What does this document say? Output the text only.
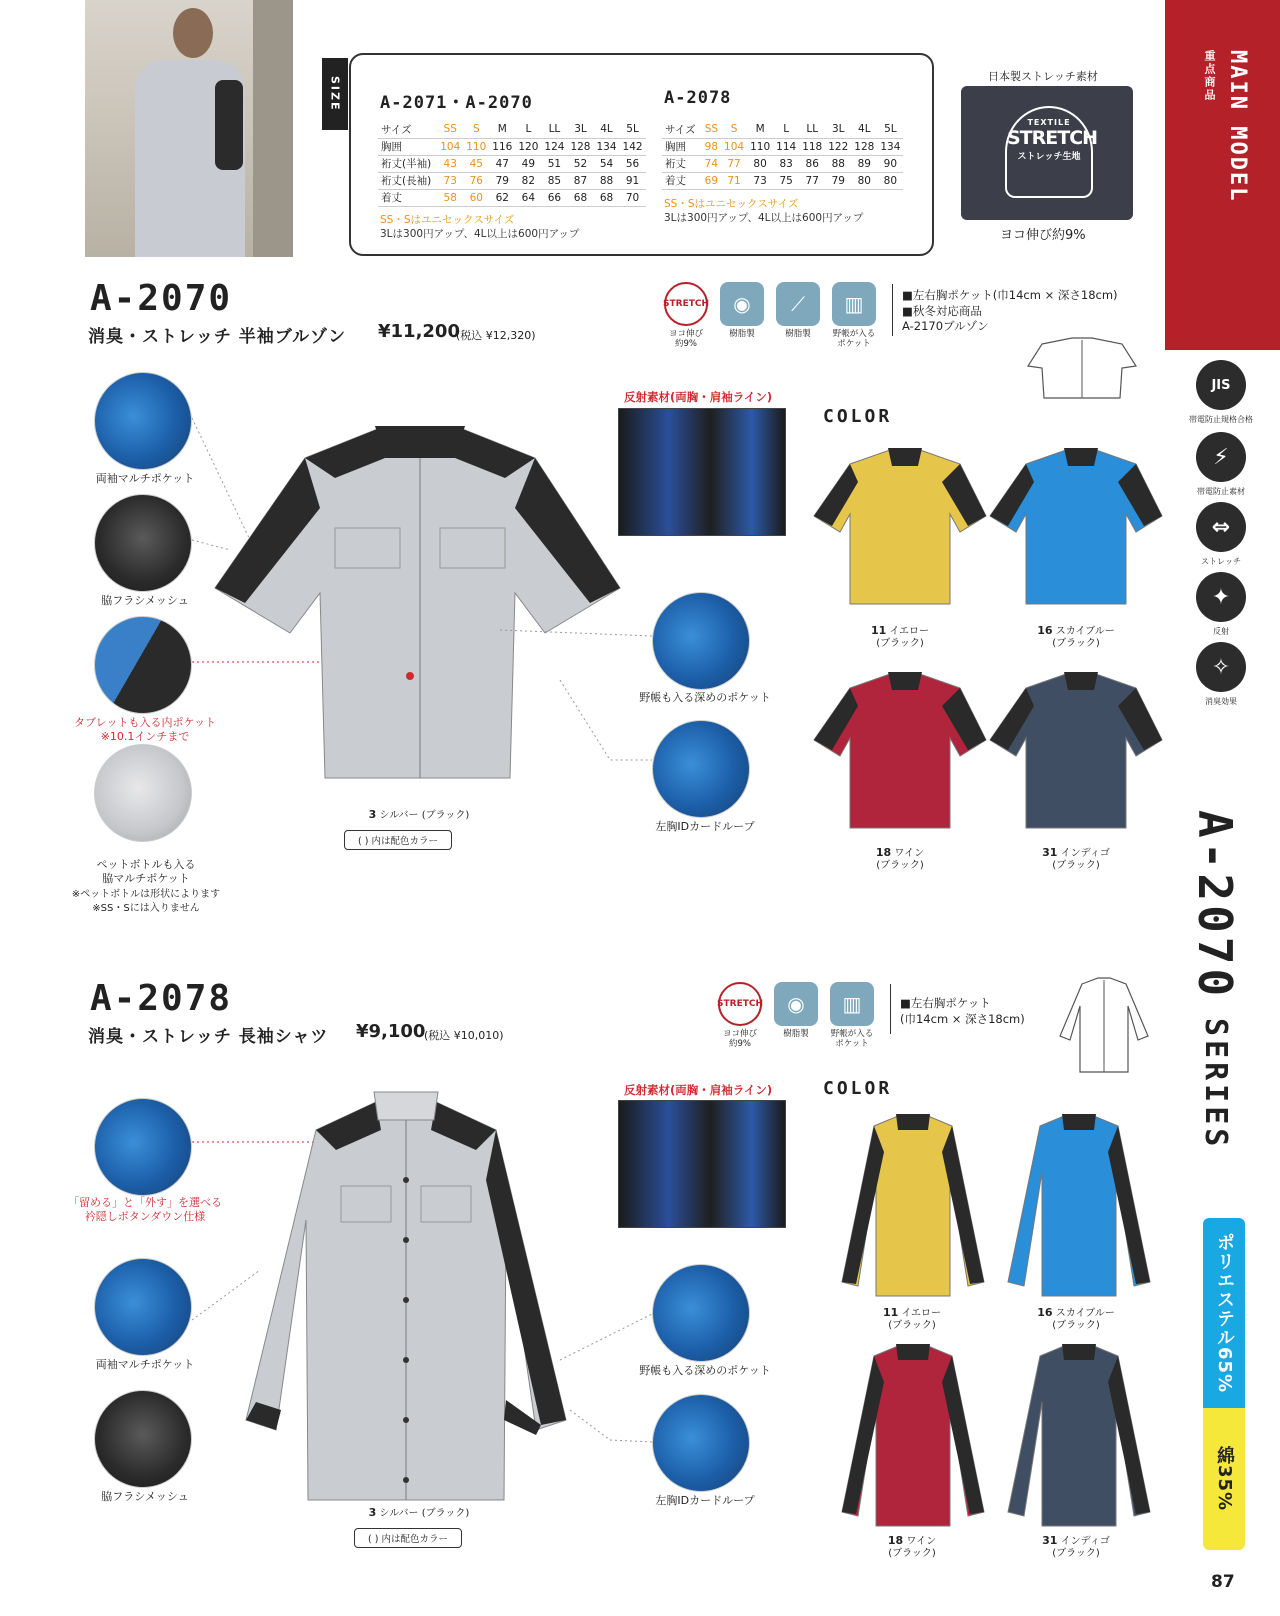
SIZE	A-2071・A-2070
サイズ	SS	S	M	L	LL	3L	4L	5L
胸囲	104	110	116	120	124	128	134	142
裄丈(半袖)	43	45	47	49	51	52	54	56
裄丈(長袖)	73	76	79	82	85	87	88	91
着丈	58	60	62	64	66	68	68	70
SS・Sはユニセックスサイズ
3Lは300円アップ、4L以上は600円アップ
A-2078
サイズ	SS	S	M	L	LL	3L	4L	5L
胸囲	98	104	110	114	118	122	128	134
裄丈	74	77	80	83	86	88	89	90
着丈	69	71	73	75	77	79	80	80
SS・Sはユニセックスサイズ
3Lは300円アップ、4L以上は600円アップ
日本製ストレッチ素材
TEXTILE
STRETCH
ストレッチ生地
ヨコ伸び約9%
MAIN MODEL
重点商品
JIS
帯電防止規格合格
⚡
帯電防止素材
⇔
ストレッチ
✦
反射
✧
消臭効果
A-2070 SERIES
ポリエステル65%
綿35%
87
A-2070
消臭・ストレッチ 半袖ブルゾン ¥11,200
(税込 ¥12,320)
STRETCH
ヨコ伸び
約9%
◉
樹脂製
⟋
樹脂製
▥
野帳が入る
ポケット
■左右胸ポケット(巾14cm × 深さ18cm)
■秋冬対応商品
A-2170ブルゾン
両袖マルチポケット
脇フラシメッシュ
タブレットも入る内ポケット
※10.1インチまで
ペットボトルも入る
脇マルチポケット
※ペットボトルは形状によります
※SS・Sには入りません
3 シルバー (ブラック)
( ) 内は配色カラー
反射素材(両胸・肩袖ライン)
野帳も入る深めのポケット
左胸IDカードループ
COLOR
11 イエロー
(ブラック)
16 スカイブルー
(ブラック)
18 ワイン
(ブラック)
31 インディゴ
(ブラック)
A-2078
消臭・ストレッチ 長袖シャツ ¥9,100
(税込 ¥10,010)
STRETCH
ヨコ伸び
約9%
◉
樹脂製
▥
野帳が入る
ポケット
■左右胸ポケット
(巾14cm × 深さ18cm)
「留める」と「外す」を選べる
衿隠しボタンダウン仕様
両袖マルチポケット
脇フラシメッシュ
3 シルバー (ブラック)
( ) 内は配色カラー
反射素材(両胸・肩袖ライン)
野帳も入る深めのポケット
左胸IDカードループ
COLOR
11 イエロー
(ブラック)
16 スカイブルー
(ブラック)
18 ワイン
(ブラック)
31 インディゴ
(ブラック)
